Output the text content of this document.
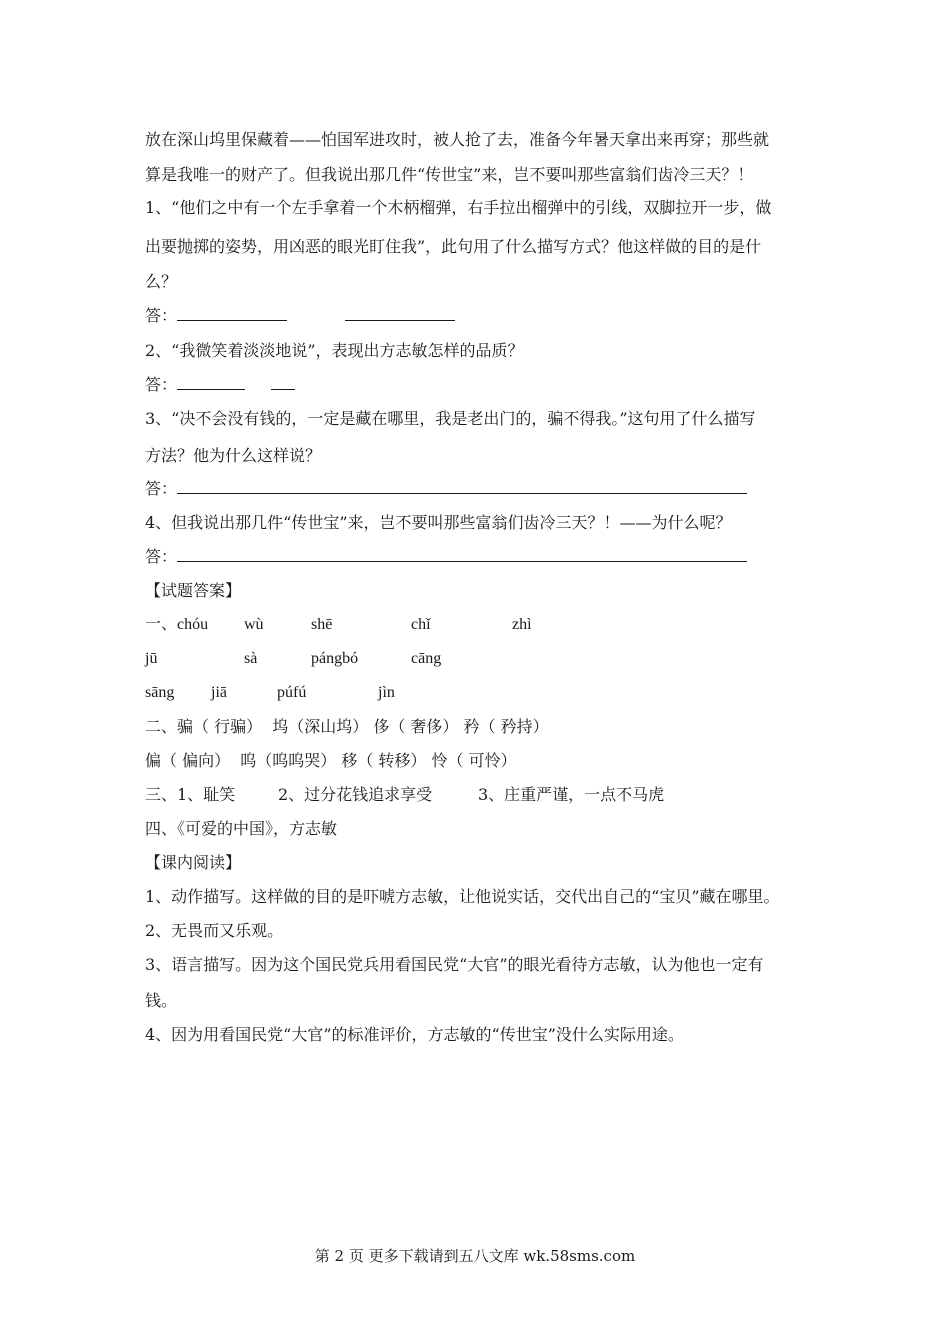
放在深山坞里保藏着——怕国军进攻时，被人抢了去，准备今年暑天拿出来再穿；那些就
算是我唯一的财产了。但我说出那几件“传世宝”来，岂不要叫那些富翁们齿冷三天？！
1、“他们之中有一个左手拿着一个木柄榴弹，右手拉出榴弹中的引线，双脚拉开一步，做
出要抛掷的姿势，用凶恶的眼光盯住我”，此句用了什么描写方式？他这样做的目的是什
么？
答：
2、“我微笑着淡淡地说”，表现出方志敏怎样的品质？
答：
3、“决不会没有钱的，一定是藏在哪里，我是老出门的，骗不得我。”这句用了什么描写
方法？他为什么这样说？
答：
4、但我说出那几件“传世宝”来，岂不要叫那些富翁们齿冷三天？！——为什么呢？
答：
【试题答案】
一、 chóu wù	shē	chǐ	zhì
jū	sà	pángbó	cāng
sāng jiā	púfú	jìn
二、骗（ 行骗）  坞（深山坞） 侈（ 奢侈） 矜（ 矜持）
偏（ 偏向）  呜（呜呜哭） 移（ 转移） 怜（ 可怜）
三、1、耻笑	2、过分花钱追求享受	3、庄重严谨，一点不马虎
四、《可爱的中国》，方志敏
【课内阅读】
1、动作描写。这样做的目的是吓唬方志敏，让他说实话，交代出自己的“宝贝”藏在哪里。
2、无畏而又乐观。
3、语言描写。因为这个国民党兵用看国民党“大官”的眼光看待方志敏，认为他也一定有
钱。
4、因为用看国民党“大官”的标准评价，方志敏的“传世宝”没什么实际用途。
第 2 页 更多下载请到五八文库 wk.58sms.com
